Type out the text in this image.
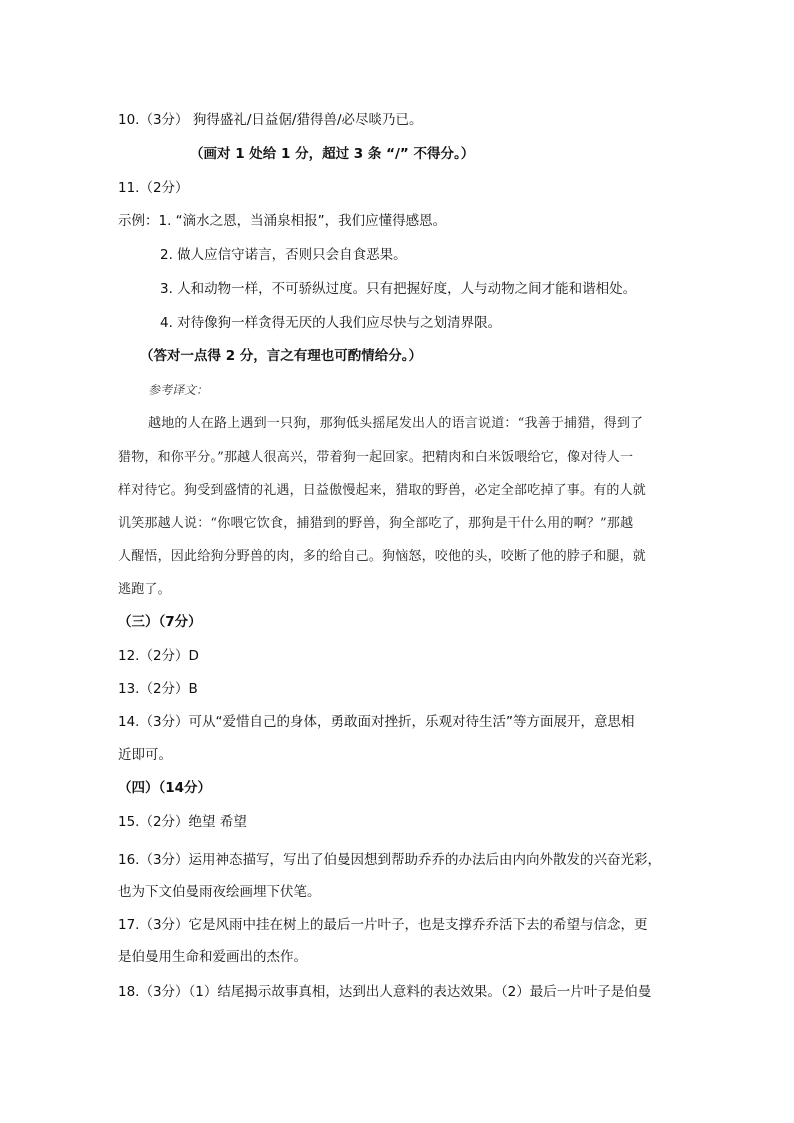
10.（3分） 狗得盛礼/日益倨/猎得兽/必尽啖乃已。
（画对 1 处给 1 分，超过 3 条 “/” 不得分。）
11.（2分）
示例：1. “滴水之恩，当涌泉相报”，我们应懂得感恩。
2. 做人应信守诺言，否则只会自食恶果。
3. 人和动物一样，不可骄纵过度。只有把握好度，人与动物之间才能和谐相处。
4. 对待像狗一样贪得无厌的人我们应尽快与之划清界限。
（答对一点得 2 分，言之有理也可酌情给分。）
参考译文：
越地的人在路上遇到一只狗，那狗低头摇尾发出人的语言说道：“我善于捕猎，得到了
猎物，和你平分。”那越人很高兴，带着狗一起回家。把精肉和白米饭喂给它，像对待人一
样对待它。狗受到盛情的礼遇，日益傲慢起来，猎取的野兽，必定全部吃掉了事。有的人就
讥笑那越人说：“你喂它饮食，捕猎到的野兽，狗全部吃了，那狗是干什么用的啊？”那越
人醒悟，因此给狗分野兽的肉，多的给自己。狗恼怒，咬他的头，咬断了他的脖子和腿，就
逃跑了。
（三）（7分）
12.（2分）D
13.（2分）B
14.（3分）可从“爱惜自己的身体，勇敢面对挫折，乐观对待生活”等方面展开，意思相
近即可。
（四）（14分）
15.（2分）绝望 希望
16.（3分）运用神态描写，写出了伯曼因想到帮助乔乔的办法后由内向外散发的兴奋光彩，
也为下文伯曼雨夜绘画埋下伏笔。
17.（3分）它是风雨中挂在树上的最后一片叶子，也是支撑乔乔活下去的希望与信念，更
是伯曼用生命和爱画出的杰作。
18.（3分）（1）结尾揭示故事真相，达到出人意料的表达效果。（2）最后一片叶子是伯曼
